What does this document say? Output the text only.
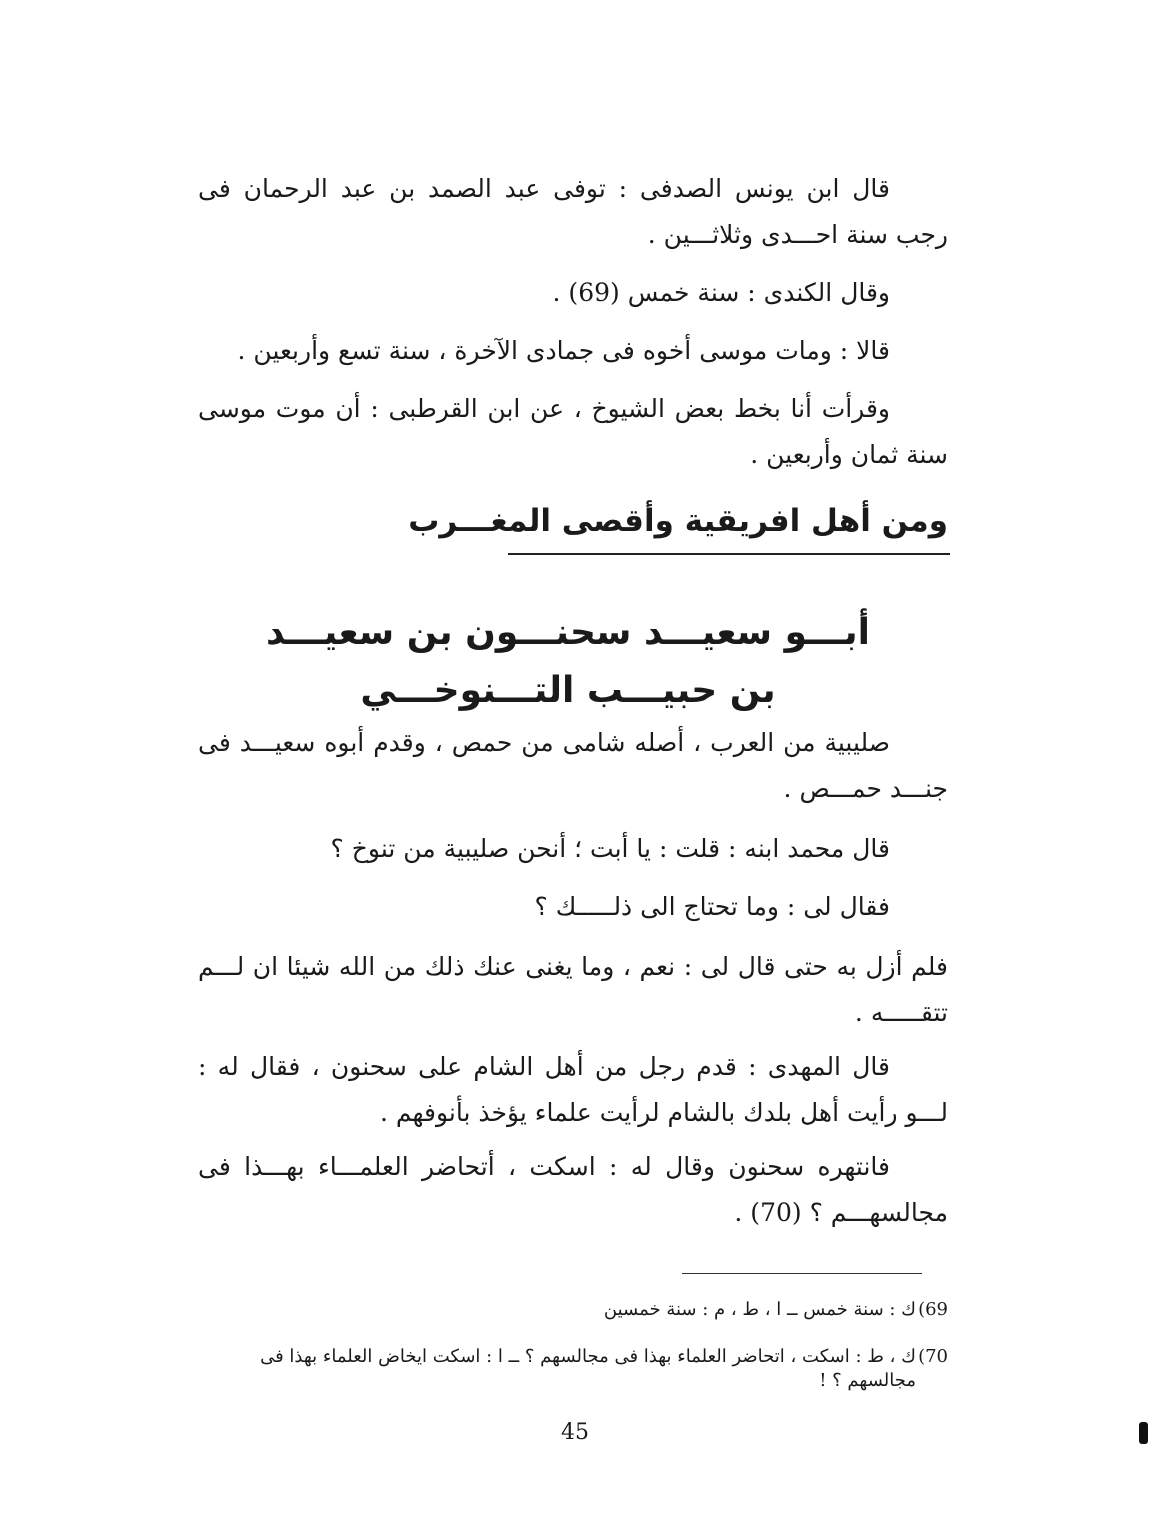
قال ابن يونس الصدفى : توفى عبد الصمد بن عبد الرحمان فى رجب سنة احـــدى وثلاثـــين .
وقال الكندى : سنة خمس (69) .
قالا : ومات موسى أخوه فى جمادى الآخرة ، سنة تسع وأربعين .
وقرأت أنا بخط بعض الشيوخ ، عن ابن القرطبى : أن موت موسى سنة ثمان وأربعين .
ومن أهل افريقية وأقصى المغـــرب
أبـــو سعيـــد سحنـــون بن سعيـــد بن حبيـــب التـــنوخـــي
صليبية من العرب ، أصله شامى من حمص ، وقدم أبوه سعيـــد فى جنـــد حمـــص .
قال محمد ابنه : قلت : يا أبت ؛ أنحن صليبية من تنوخ ؟
فقال لى : وما تحتاج الى ذلـــــك ؟
فلم أزل به حتى قال لى : نعم ، وما يغنى عنك ذلك من الله شيئا ان لـــم تتقـــــه .
قال المهدى : قدم رجل من أهل الشام على سحنون ، فقال له : لـــو رأيت أهل بلدك بالشام لرأيت علماء يؤخذ بأنوفهم .
فانتهره سحنون وقال له : اسكت ، أتحاضر العلمـــاء بهـــذا فى مجالسهـــم ؟ (70) .
69)
ك : سنة خمس ــ ا ، ط ، م : سنة خمسين
70)
ك ، ط : اسكت ، اتحاضر العلماء بهذا فى مجالسهم ؟ ــ ا : اسكت ايخاض العلماء بهذا فى مجالسهم ؟ !
45
